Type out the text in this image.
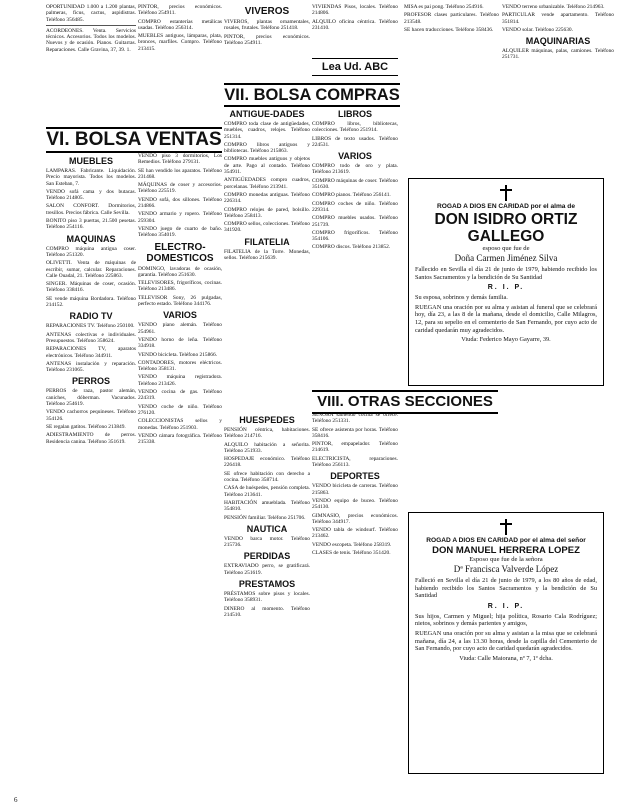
VI. BOLSA VENTAS
VII. BOLSA COMPRAS
VIII. OTRAS SECCIONES
Lea Ud. ABC

OPORTUNIDAD 1.000 a 1.200 plantas, palmeras, ficus, cactus, aspidistras. Teléfono 356485.

ACORDEONES. Venta. Servicios técnicos. Accesorios. Todos los modelos. Nuevos y de ocasión. Pianos. Guitarras. Reparaciones. Calle Gravina, 37, 39. 1.

MUEBLES

LAMPARAS. Fabricante. Liquidación. Precio mayorista. Todos los modelos. San Esteban, 7.

VENDO sofá cama y dos butacas. Teléfono 214805.

SALON CONFORT. Dormitorios, tresillos. Precios fábrica. Calle Sevilla.

BONITO piso 3 puertas, 21.500 pesetas. Teléfono 254116.

MAQUINAS

COMPRO máquina antigua coser. Teléfono 251320.

OLIVETTI. Venta de máquinas de escribir, sumar, calcular. Reparaciones. Calle Ouadal, 21. Teléfono 225863.

SINGER. Máquinas de coser, ocasión. Teléfono 338416.

SE vende máquina Bordadora. Teléfono 214152.

RADIO TV

REPARACIONES TV. Teléfono 250100.

ANTENAS colectivas e individuales. Presupuestos. Teléfono 358624.

REPARACIONES TV, aparatos electrónicos. Teléfono 344911.

ANTENAS instalación y reparación. Teléfono 231065.

PERROS

PERROS de raza, pastor alemán, caniches, dóberman. Vacunados. Teléfono 254619.

VENDO cachorros pequineses. Teléfono 354126.

SE regalan gatitos. Teléfono 213849.

ADIESTRAMIENTO de perros. Residencia canina. Teléfono 351619.

PINTOR, precios económicos. Teléfono 254911.

COMPRO estanterías metálicas usadas. Teléfono 256314.

MUEBLES antiguos, lámparas, plata, bronces, marfiles. Compro. Teléfono 213415.

VENDO piso 3 dormitorios, Los Remedios. Teléfono 279131.

SE han vendido los aparatos. Teléfono 231468.

MÁQUINAS de coser y accesorios. Teléfono 225519.

VENDO sofá, dos sillones. Teléfono 214866.

VENDO armario y ropero. Teléfono 259304.

VENDO juego de cuarto de baño. Teléfono 354019.

ELECTRO-DOMESTICOS

DOMINGO, lavadoras de ocasión, garantía. Teléfono 251630.

TELEVISORES, frigoríficos, cocinas. Teléfono 213486.

TELEVISOR Sony, 26 pulgadas, perfecto estado. Teléfono 344176.

VARIOS

VENDO piano alemán. Teléfono 254961.

VENDO horno de leña. Teléfono 334918.

VENDO bicicleta. Teléfono 215866.

CONTADORES, motores eléctricos. Teléfono 358131.

VENDO máquina registradora. Teléfono 213426.

VENDO cocina de gas. Teléfono 224319.

VENDO coche de niño. Teléfono 276120.

COLECCIONISTAS sellos y monedas. Teléfono 251903.

VENDO cámara fotográfica. Teléfono 215338.

VIVEROS

VIVEROS, plantas ornamentales, rosales, frutales. Teléfono 251418.

PINTOR, precios económicos. Teléfono 254911.

ANTIGUE-DADES

COMPRO toda clase de antigüedades, muebles, cuadros, relojes. Teléfono 251314.

COMPRO libros antiguos y bibliotecas. Teléfono 215863.

COMPRO muebles antiguos y objetos de arte. Pago al contado. Teléfono 354911.

ANTIGÜEDADES compro cuadros, porcelanas. Teléfono 213941.

COMPRO monedas antiguas. Teléfono 226314.

COMPRO relojes de pared, bolsillo. Teléfono 258413.

COMPRO sellos, colecciones. Teléfono 341920.

FILATELIA

FILATELIA de la Torre. Monedas, sellos. Teléfono 215639.

HUESPEDES

PENSIÓN céntrica, habitaciones. Teléfono 214716.

ALQUILO habitación a señorita. Teléfono 251933.

HOSPEDAJE económico. Teléfono 226418.

SE ofrece habitación con derecho a cocina. Teléfono 358714.

CASA de huéspedes, pensión completa. Teléfono 213641.

HABITACIÓN amueblada. Teléfono 354810.

PENSIÓN familiar. Teléfono 251706.

NAUTICA

VENDO barca motor. Teléfono 215736.

PERDIDAS

EXTRAVIADO perro, se gratificará. Teléfono 251619.

PRESTAMOS

PRÉSTAMOS sobre pisos y locales. Teléfono 358931.

DINERO al momento. Teléfono 214510.

VIVIENDAS Pisos, locales. Teléfono 214806.

ALQUILO oficina céntrica. Teléfono 231410.

LIBROS

COMPRO libros, bibliotecas, colecciones. Teléfono 251914.

LIBROS de texto usados. Teléfono 224531.

VARIOS

COMPRO todo de oro y plata. Teléfono 213619.

COMPRO máquinas de coser. Teléfono 351630.

COMPRO pianos. Teléfono 256141.

COMPRO coches de niño. Teléfono 229314.

COMPRO muebles usados. Teléfono 251739.

COMPRO frigoríficos. Teléfono 354106.

COMPRO discos. Teléfono 213852.

SEÑORA sabiendo cocina se ofrece. Teléfono 251331.

SE ofrece asistenta por horas. Teléfono 358416.

PINTOR, empapelador. Teléfono 214619.

ELECTRICISTA, reparaciones. Teléfono 256113.

DEPORTES

VENDO bicicleta de carreras. Teléfono 215863.

VENDO equipo de buceo. Teléfono 254130.

GIMNASIO, precios económicos. Teléfono 344917.

VENDO tabla de windsurf. Teléfono 213462.

VENDO escopeta. Teléfono 258319.

CLASES de tenis. Teléfono 351420.

MISA es pai pong. Teléfono 254916.

PROFESOR clases particulares. Teléfono 213548.

SE hacen traducciones. Teléfono 358436.

VENDO terreno urbanizable. Teléfono 214963.

PARTICULAR vende apartamento. Teléfono 351814.

VENDO solar. Teléfono 225630.

MAQUINARIAS

ALQUILER máquinas, palas, camiones. Teléfono 251731.

ROGAD A DIOS EN CARIDAD por el alma de
DON ISIDRO ORTIZ GALLEGO
esposo que fue de
Doña Carmen Jiménez Silva

Fallecido en Sevilla el día 21 de junio de 1979, habiendo recibido los Santos Sacramentos y la bendición de Su Santidad

R. I. P.

Su esposa, sobrinos y demás familia.

RUEGAN una oración por su alma y asistan al funeral que se celebrará hoy, día 23, a las 8 de la mañana, desde el domicilio, Calle Milagros, 12, para su sepelio en el cementerio de San Fernando, por cuyo acto de caridad quedarán muy agradecidos.

Viuda: Federico Mayo Gayarre, 39.

ROGAD A DIOS EN CARIDAD por el alma del señor
DON MANUEL HERRERA LOPEZ
Esposo que fue de la señora
Dª Francisca Valverde López

Falleció en Sevilla el día 21 de junio de 1979, a los 80 años de edad, habiendo recibido los Santos Sacramentos y la bendición de Su Santidad

R. I. P.

Sus hijos, Carmen y Miguel; hija política, Rosario Cala Rodríguez; nietos, sobrinos y demás parientes y amigos,

RUEGAN una oración por su alma y asistan a la misa que se celebrará mañana, día 24, a las 13.30 horas, desde la capilla del Cementerio de San Fernando, por cuyo acto de caridad quedarán agradecidos.

Viuda: Calle Maiorana, nº 7, 1º dcha.

6
